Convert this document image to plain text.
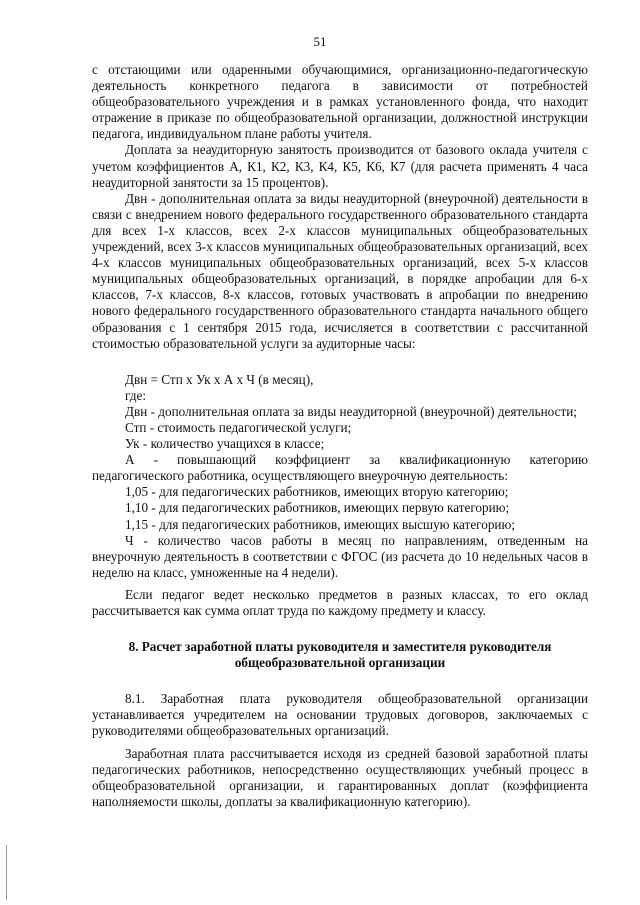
51

с отстающими или одаренными обучающимися, организационно-педагогическую деятельность конкретного педагога в зависимости от потребностей общеобразовательного учреждения и в рамках установленного фонда, что находит отражение в приказе по общеобразовательной организации, должностной инструкции педагога, индивидуальном плане работы учителя.

Доплата за неаудиторную занятость производится от базового оклада учителя с учетом коэффициентов А, К1, К2, К3, К4, К5, К6, К7 (для расчета применять 4 часа неаудиторной занятости за 15 процентов).

Двн - дополнительная оплата за виды неаудиторной (внеурочной) деятельности в связи с внедрением нового федерального государственного образовательного стандарта для всех 1-х классов, всех 2-х классов муниципальных общеобразовательных учреждений, всех 3-х классов муниципальных общеобразовательных организаций, всех 4-х классов муниципальных общеобразовательных организаций, всех 5-х классов муниципальных общеобразовательных организаций, в порядке апробации для 6-х классов, 7-х классов, 8-х классов, готовых участвовать в апробации по внедрению нового федерального государственного образовательного стандарта начального общего образования с 1 сентября 2015 года, исчисляется в соответствии с рассчитанной стоимостью образовательной услуги за аудиторные часы:

Двн = Стп х Ук х А х Ч (в месяц),

где:

Двн - дополнительная оплата за виды неаудиторной (внеурочной) деятельности;

Стп - стоимость педагогической услуги;

Ук - количество учащихся в классе;

А - повышающий коэффициент за квалификационную категорию педагогического работника, осуществляющего внеурочную деятельность:

1,05 - для педагогических работников, имеющих вторую категорию;

1,10 - для педагогических работников, имеющих первую категорию;

1,15 - для педагогических работников, имеющих высшую категорию;

Ч - количество часов работы в месяц по направлениям, отведенным на внеурочную деятельность в соответствии с ФГОС (из расчета до 10 недельных часов в неделю на класс, умноженные на 4 недели).

Если педагог ведет несколько предметов в разных классах, то его оклад рассчитывается как сумма оплат труда по каждому предмету и классу.

8. Расчет заработной платы руководителя и заместителя руководителя общеобразовательной организации

8.1. Заработная плата руководителя общеобразовательной организации устанавливается учредителем на основании трудовых договоров, заключаемых с руководителями общеобразовательных организаций.

Заработная плата рассчитывается исходя из средней базовой заработной платы педагогических работников, непосредственно осуществляющих учебный процесс в общеобразовательной организации, и гарантированных доплат (коэффициента наполняемости школы, доплаты за квалификационную категорию).
